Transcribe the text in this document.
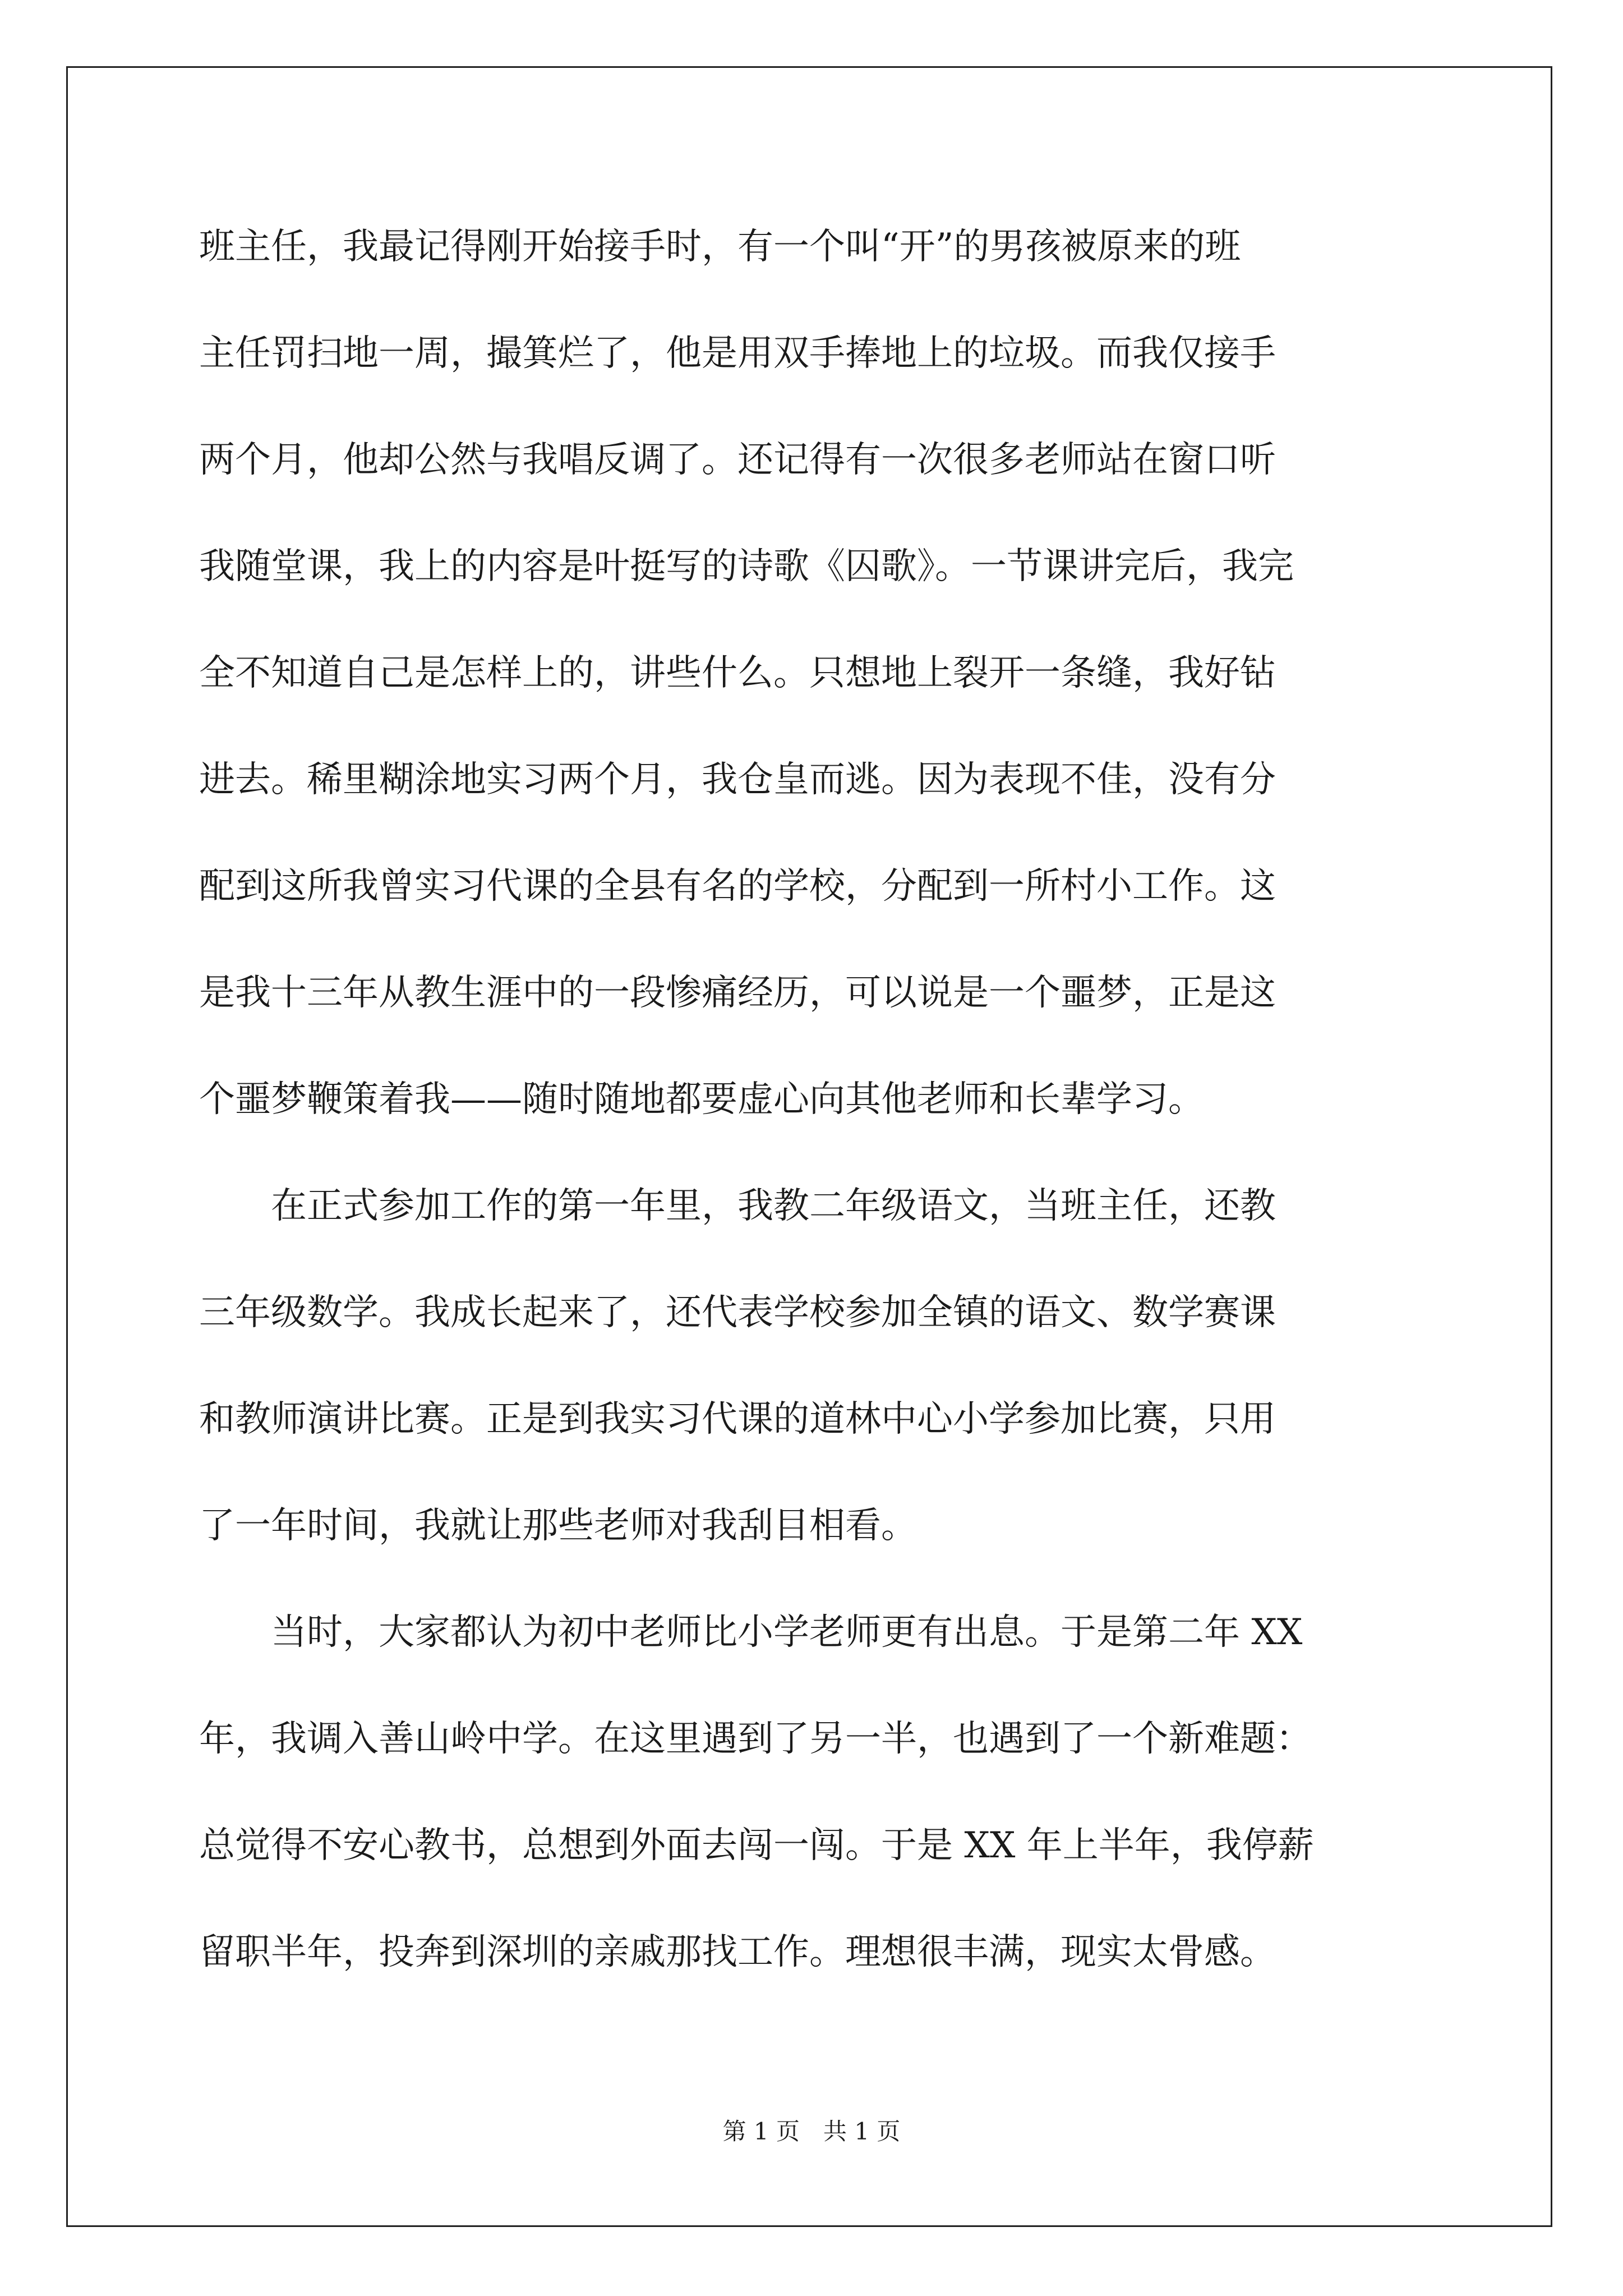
班主任，我最记得刚开始接手时，有一个叫“开”的男孩被原来的班
主任罚扫地一周，撮箕烂了，他是用双手捧地上的垃圾。而我仅接手
两个月，他却公然与我唱反调了。还记得有一次很多老师站在窗口听
我随堂课，我上的内容是叶挺写的诗歌《囚歌》。一节课讲完后，我完
全不知道自己是怎样上的，讲些什么。只想地上裂开一条缝，我好钻
进去。稀里糊涂地实习两个月，我仓皇而逃。因为表现不佳，没有分
配到这所我曾实习代课的全县有名的学校，分配到一所村小工作。这
是我十三年从教生涯中的一段惨痛经历，可以说是一个噩梦，正是这
个噩梦鞭策着我——随时随地都要虚心向其他老师和长辈学习。
　　在正式参加工作的第一年里，我教二年级语文，当班主任，还教
三年级数学。我成长起来了，还代表学校参加全镇的语文、数学赛课
和教师演讲比赛。正是到我实习代课的道林中心小学参加比赛，只用
了一年时间，我就让那些老师对我刮目相看。
　　当时，大家都认为初中老师比小学老师更有出息。于是第二年 XX
年，我调入善山岭中学。在这里遇到了另一半，也遇到了一个新难题：
总觉得不安心教书，总想到外面去闯一闯。于是 XX 年上半年，我停薪
留职半年，投奔到深圳的亲戚那找工作。理想很丰满，现实太骨感。
第 1 页 共 1 页
